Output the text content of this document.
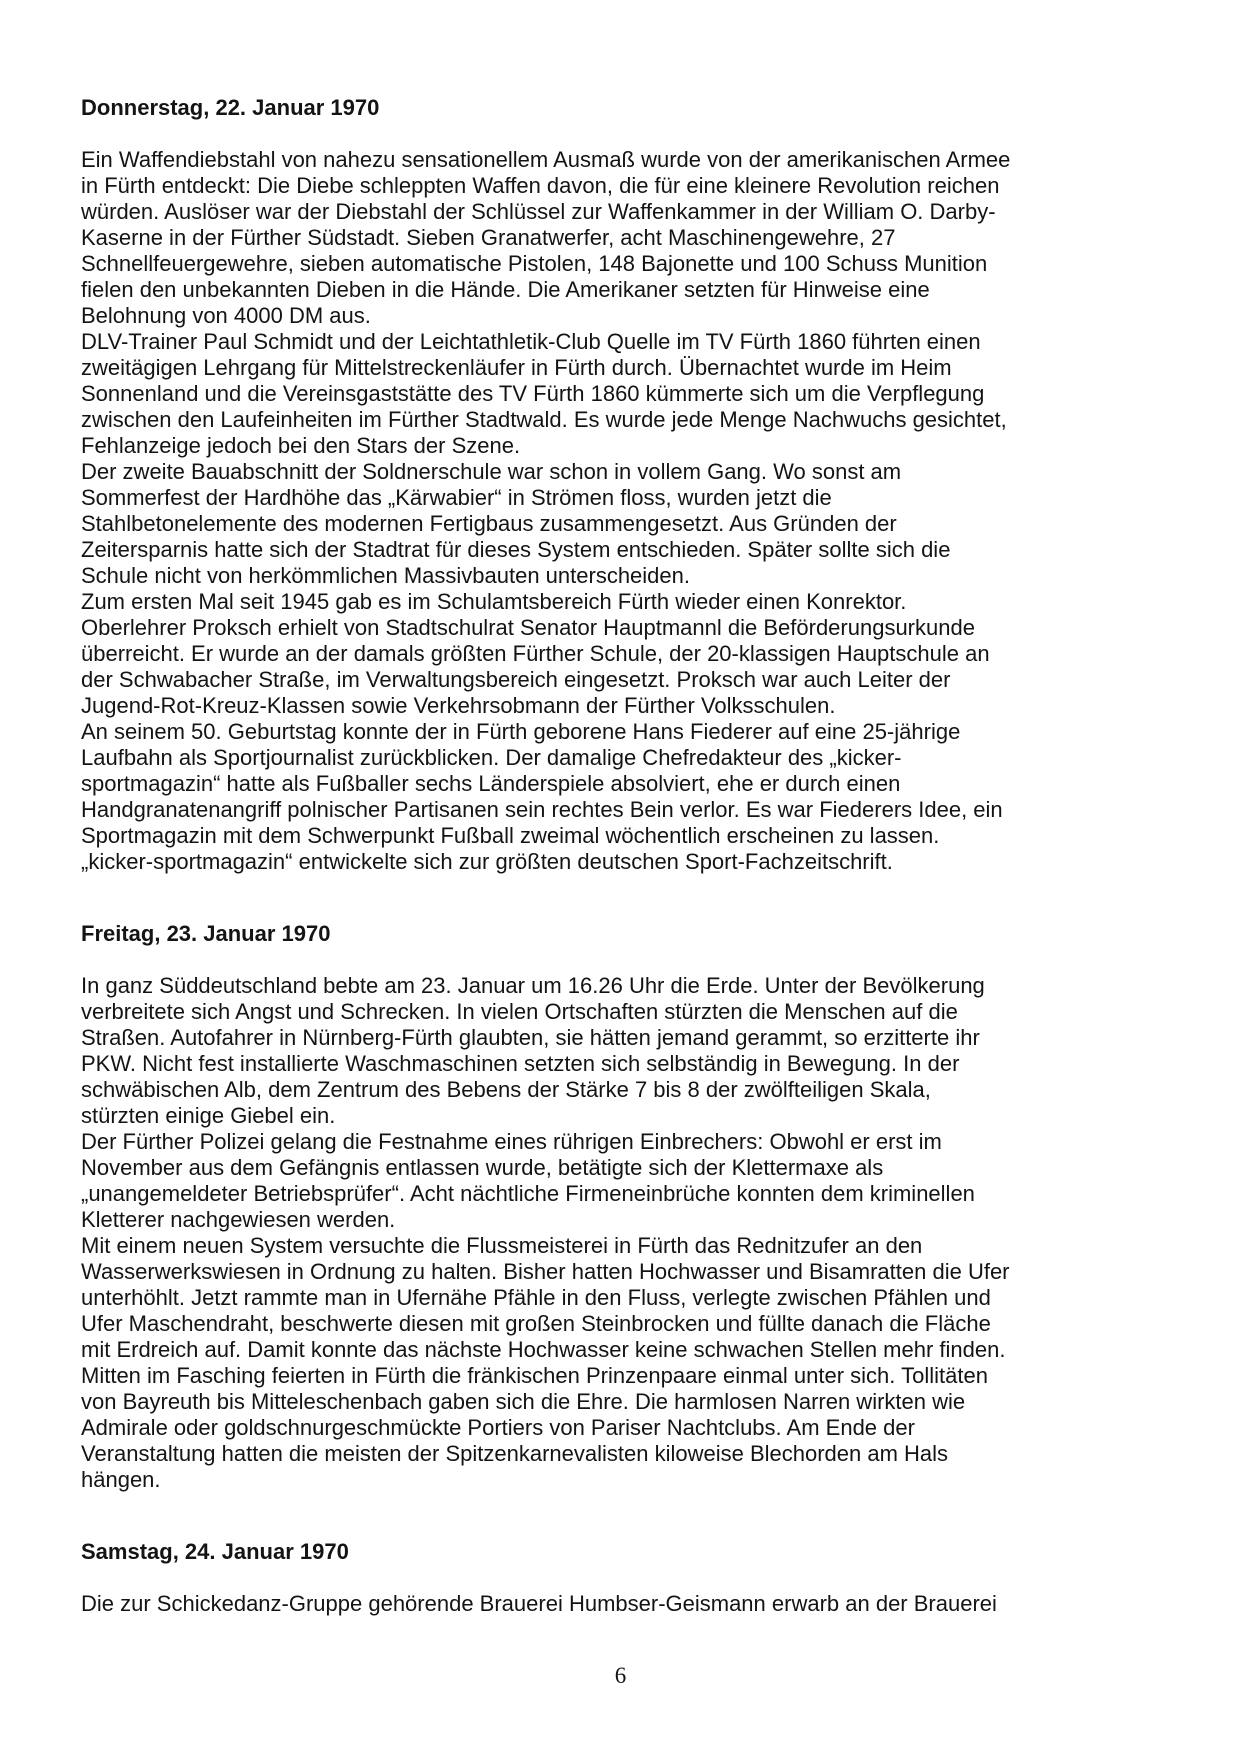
Donnerstag, 22. Januar 1970
Ein Waffendiebstahl von nahezu sensationellem Ausmaß wurde von der amerikanischen Armee
in Fürth entdeckt: Die Diebe schleppten Waffen davon, die für eine kleinere Revolution reichen
würden. Auslöser war der Diebstahl der Schlüssel zur Waffenkammer in der William O. Darby-
Kaserne in der Fürther Südstadt. Sieben Granatwerfer, acht Maschinengewehre, 27
Schnellfeuergewehre, sieben automatische Pistolen, 148 Bajonette und 100 Schuss Munition
fielen den unbekannten Dieben in die Hände. Die Amerikaner setzten für Hinweise eine
Belohnung von 4000 DM aus.
DLV-Trainer Paul Schmidt und der Leichtathletik-Club Quelle im TV Fürth 1860 führten einen
zweitägigen Lehrgang für Mittelstreckenläufer in Fürth durch. Übernachtet wurde im Heim
Sonnenland und die Vereinsgaststätte des TV Fürth 1860 kümmerte sich um die Verpflegung
zwischen den Laufeinheiten im Fürther Stadtwald. Es wurde jede Menge Nachwuchs gesichtet,
Fehlanzeige jedoch bei den Stars der Szene.
Der zweite Bauabschnitt der Soldnerschule war schon in vollem Gang. Wo sonst am
Sommerfest der Hardhöhe das „Kärwabier“ in Strömen floss, wurden jetzt die
Stahlbetonelemente des modernen Fertigbaus zusammengesetzt. Aus Gründen der
Zeitersparnis hatte sich der Stadtrat für dieses System entschieden. Später sollte sich die
Schule nicht von herkömmlichen Massivbauten unterscheiden.
Zum ersten Mal seit 1945 gab es im Schulamtsbereich Fürth wieder einen Konrektor.
Oberlehrer Proksch erhielt von Stadtschulrat Senator Hauptmannl die Beförderungsurkunde
überreicht. Er wurde an der damals größten Fürther Schule, der 20-klassigen Hauptschule an
der Schwabacher Straße, im Verwaltungsbereich eingesetzt. Proksch war auch Leiter der
Jugend-Rot-Kreuz-Klassen sowie Verkehrsobmann der Fürther Volksschulen.
An seinem 50. Geburtstag konnte der in Fürth geborene Hans Fiederer auf eine 25-jährige
Laufbahn als Sportjournalist zurückblicken. Der damalige Chefredakteur des „kicker-
sportmagazin“ hatte als Fußballer sechs Länderspiele absolviert, ehe er durch einen
Handgranatenangriff polnischer Partisanen sein rechtes Bein verlor. Es war Fiederers Idee, ein
Sportmagazin mit dem Schwerpunkt Fußball zweimal wöchentlich erscheinen zu lassen.
„kicker-sportmagazin“ entwickelte sich zur größten deutschen Sport-Fachzeitschrift.
Freitag, 23. Januar 1970
In ganz Süddeutschland bebte am 23. Januar um 16.26 Uhr die Erde. Unter der Bevölkerung
verbreitete sich Angst und Schrecken. In vielen Ortschaften stürzten die Menschen auf die
Straßen. Autofahrer in Nürnberg-Fürth glaubten, sie hätten jemand gerammt, so erzitterte ihr
PKW. Nicht fest installierte Waschmaschinen setzten sich selbständig in Bewegung. In der
schwäbischen Alb, dem Zentrum des Bebens der Stärke 7 bis 8 der zwölfteiligen Skala,
stürzten einige Giebel ein.
Der Fürther Polizei gelang die Festnahme eines rührigen Einbrechers: Obwohl er erst im
November aus dem Gefängnis entlassen wurde, betätigte sich der Klettermaxe als
„unangemeldeter Betriebsprüfer“. Acht nächtliche Firmeneinbrüche konnten dem kriminellen
Kletterer nachgewiesen werden.
Mit einem neuen System versuchte die Flussmeisterei in Fürth das Rednitzufer an den
Wasserwerkswiesen in Ordnung zu halten. Bisher hatten Hochwasser und Bisamratten die Ufer
unterhöhlt. Jetzt rammte man in Ufernähe Pfähle in den Fluss, verlegte zwischen Pfählen und
Ufer Maschendraht, beschwerte diesen mit großen Steinbrocken und füllte danach die Fläche
mit Erdreich auf. Damit konnte das nächste Hochwasser keine schwachen Stellen mehr finden.
Mitten im Fasching feierten in Fürth die fränkischen Prinzenpaare einmal unter sich. Tollitäten
von Bayreuth bis Mitteleschenbach gaben sich die Ehre. Die harmlosen Narren wirkten wie
Admirale oder goldschnurgeschmückte Portiers von Pariser Nachtclubs. Am Ende der
Veranstaltung hatten die meisten der Spitzenkarnevalisten kiloweise Blechorden am Hals
hängen.
Samstag, 24. Januar 1970
Die zur Schickedanz-Gruppe gehörende Brauerei Humbser-Geismann erwarb an der Brauerei
6
